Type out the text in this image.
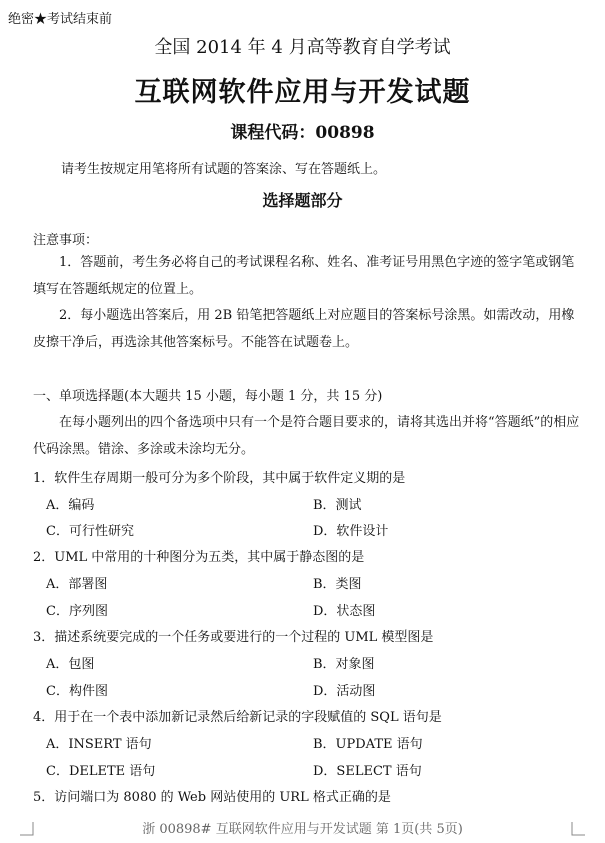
绝密★考试结束前
全国 2014 年 4 月高等教育自学考试
互联网软件应用与开发试题
课程代码：00898
请考生按规定用笔将所有试题的答案涂、写在答题纸上。
选择题部分
注意事项：
1．答题前，考生务必将自己的考试课程名称、姓名、准考证号用黑色字迹的签字笔或钢笔填写在答题纸规定的位置上。
2．每小题选出答案后，用 2B 铅笔把答题纸上对应题目的答案标号涂黑。如需改动，用橡皮擦干净后，再选涂其他答案标号。不能答在试题卷上。
一、单项选择题(本大题共 15 小题，每小题 1 分，共 15 分)
在每小题列出的四个备选项中只有一个是符合题目要求的，请将其选出并将“答题纸”的相应代码涂黑。错涂、多涂或未涂均无分。
1．软件生存周期一般可分为多个阶段，其中属于软件定义期的是
A．编码	B．测试
C．可行性研究	D．软件设计
2．UML 中常用的十种图分为五类，其中属于静态图的是
A．部署图	B．类图
C．序列图	D．状态图
3．描述系统要完成的一个任务或要进行的一个过程的 UML 模型图是
A．包图	B．对象图
C．构件图	D．活动图
4．用于在一个表中添加新记录然后给新记录的字段赋值的 SQL 语句是
A．INSERT 语句	B．UPDATE 语句
C．DELETE 语句	D．SELECT 语句
5．访问端口为 8080 的 Web 网站使用的 URL 格式正确的是
浙 00898# 互联网软件应用与开发试题 第 1页(共 5页)
